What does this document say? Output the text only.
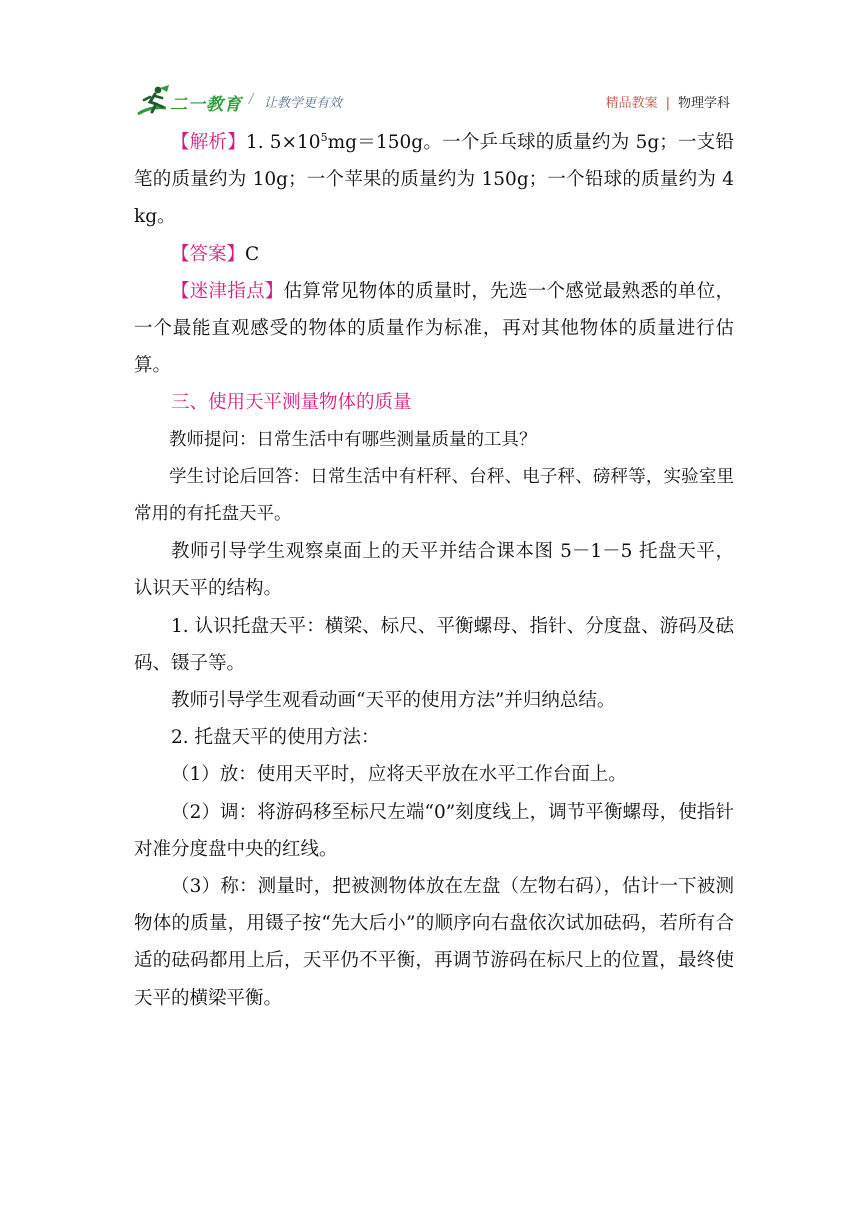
二一教育 / 让教学更有效	精品教案 | 物理学科

【解析】1. $5\times 10^5mg=150g$。一个乒乓球的质量约为 5g；一支铅笔的质量约为 10g；一个苹果的质量约为 150g；一个铅球的质量约为 4kg。

【答案】C

【迷津指点】估算常见物体的质量时，先选一个感觉最熟悉的单位，一个最能直观感受的物体的质量作为标准，再对其他物体的质量进行估算。

三、使用天平测量物体的质量

教师提问：日常生活中有哪些测量质量的工具？

学生讨论后回答：日常生活中有杆秤、台秤、电子秤、磅秤等，实验室里常用的有托盘天平。

教师引导学生观察桌面上的天平并结合课本图 5－1－5 托盘天平，认识天平的结构。

1. 认识托盘天平：横梁、标尺、平衡螺母、指针、分度盘、游码及砝码、镊子等。

教师引导学生观看动画“天平的使用方法”并归纳总结。

2. 托盘天平的使用方法：

（1）放：使用天平时，应将天平放在水平工作台面上。

（2）调：将游码移至标尺左端“0”刻度线上，调节平衡螺母，使指针对准分度盘中央的红线。

（3）称：测量时，把被测物体放在左盘（左物右码），估计一下被测物体的质量，用镊子按“先大后小”的顺序向右盘依次试加砝码，若所有合适的砝码都用上后，天平仍不平衡，再调节游码在标尺上的位置，最终使天平的横梁平衡。
